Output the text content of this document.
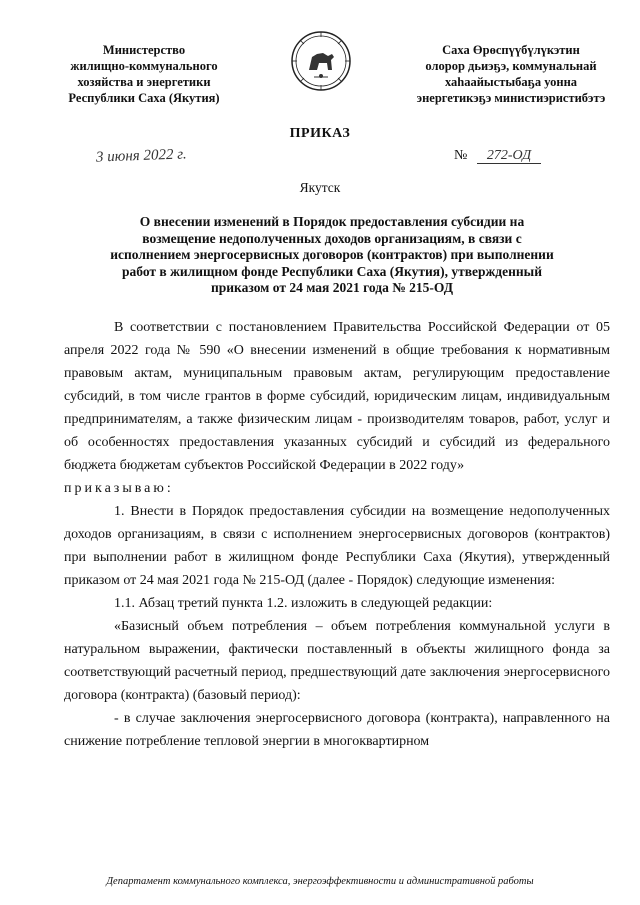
Министерство
жилищно-коммунального
хозяйства и энергетики
Республики Саха (Якутия)
Саха Өрөспүүбүлүкэтин
олорор дьиэҕэ, коммунальнай
хаһаайыстыбаҕа уонна
энергетикэҕэ министиэристибэтэ
ПРИКАЗ
3 июня 2022 г.	№ 272-ОД
Якутск
О внесении изменений в Порядок предоставления субсидии на возмещение недополученных доходов организациям, в связи с исполнением энергосервисных договоров (контрактов) при выполнении работ в жилищном фонде Республики Саха (Якутия), утвержденный приказом от 24 мая 2021 года № 215-ОД

В соответствии с постановлением Правительства Российской Федерации от 05 апреля 2022 года № 590 «О внесении изменений в общие требования к нормативным правовым актам, муниципальным правовым актам, регулирующим предоставление субсидий, в том числе грантов в форме субсидий, юридическим лицам, индивидуальным предпринимателям, а также физическим лицам - производителям товаров, работ, услуг и об особенностях предоставления указанных субсидий и субсидий из федерального бюджета бюджетам субъектов Российской Федерации в 2022 году»

приказываю:

1. Внести в Порядок предоставления субсидии на возмещение недополученных доходов организациям, в связи с исполнением энергосервисных договоров (контрактов) при выполнении работ в жилищном фонде Республики Саха (Якутия), утвержденный приказом от 24 мая 2021 года № 215-ОД (далее - Порядок) следующие изменения:

1.1. Абзац третий пункта 1.2. изложить в следующей редакции:

«Базисный объем потребления – объем потребления коммунальной услуги в натуральном выражении, фактически поставленный в объекты жилищного фонда за соответствующий расчетный период, предшествующий дате заключения энергосервисного договора (контракта) (базовый период):

- в случае заключения энергосервисного договора (контракта), направленного на снижение потребление тепловой энергии в многоквартирном

Департамент коммунального комплекса, энергоэффективности и административной работы
